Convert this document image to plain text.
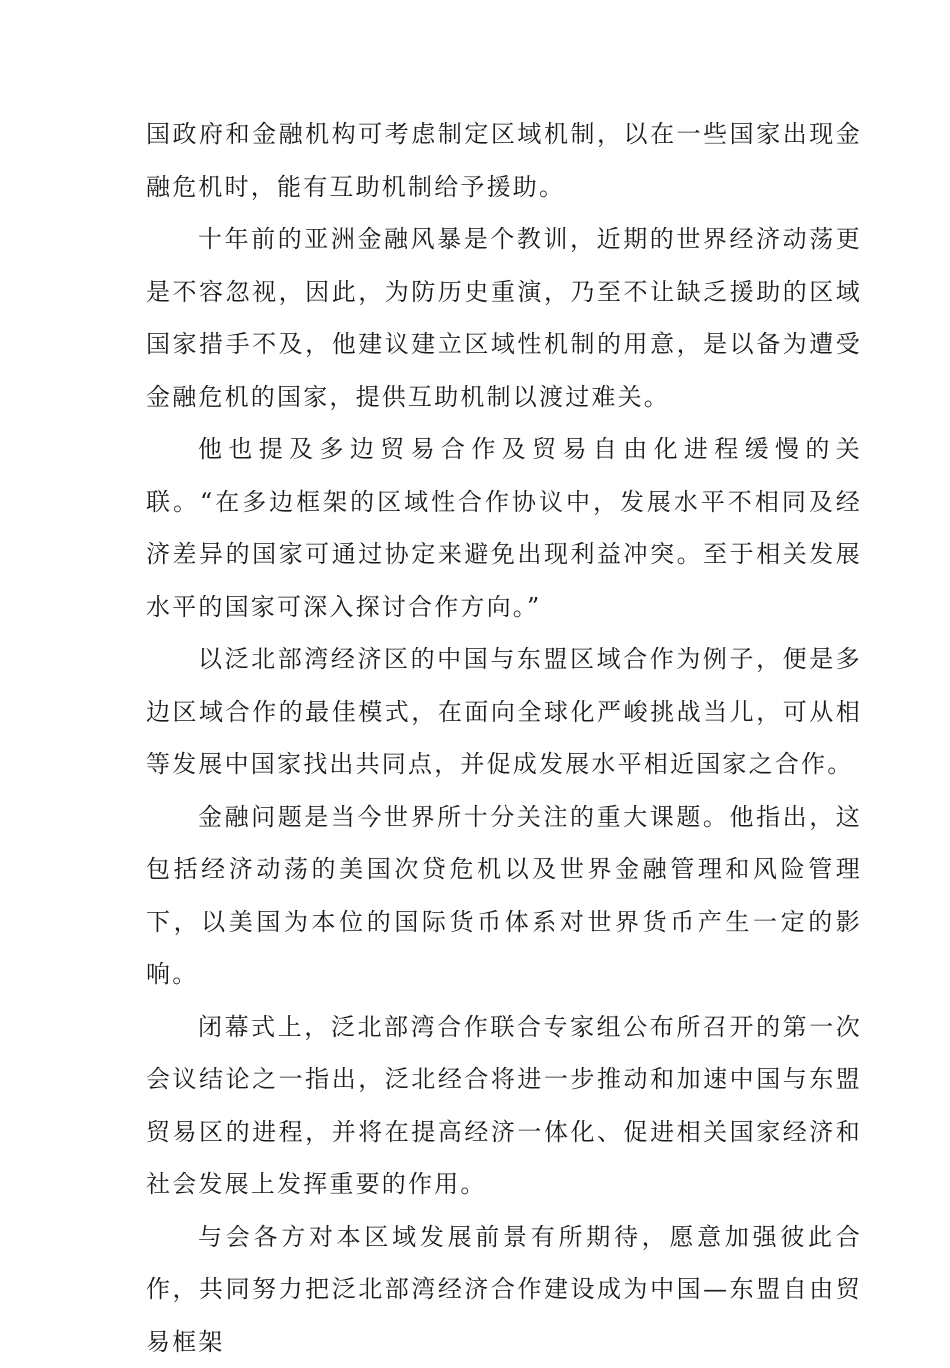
国政府和金融机构可考虑制定区域机制，以在一些国家出现金融危机时，能有互助机制给予援助。

十年前的亚洲金融风暴是个教训，近期的世界经济动荡更是不容忽视，因此，为防历史重演，乃至不让缺乏援助的区域国家措手不及，他建议建立区域性机制的用意，是以备为遭受金融危机的国家，提供互助机制以渡过难关。

他也提及多边贸易合作及贸易自由化进程缓慢的关联。“在多边框架的区域性合作协议中，发展水平不相同及经济差异的国家可通过协定来避免出现利益冲突。至于相关发展水平的国家可深入探讨合作方向。”

以泛北部湾经济区的中国与东盟区域合作为例子，便是多边区域合作的最佳模式，在面向全球化严峻挑战当儿，可从相等发展中国家找出共同点，并促成发展水平相近国家之合作。

金融问题是当今世界所十分关注的重大课题。他指出，这包括经济动荡的美国次贷危机以及世界金融管理和风险管理下，以美国为本位的国际货币体系对世界货币产生一定的影响。

闭幕式上，泛北部湾合作联合专家组公布所召开的第一次会议结论之一指出，泛北经合将进一步推动和加速中国与东盟贸易区的进程，并将在提高经济一体化、促进相关国家经济和社会发展上发挥重要的作用。

与会各方对本区域发展前景有所期待，愿意加强彼此合作，共同努力把泛北部湾经济合作建设成为中国—东盟自由贸易框架
